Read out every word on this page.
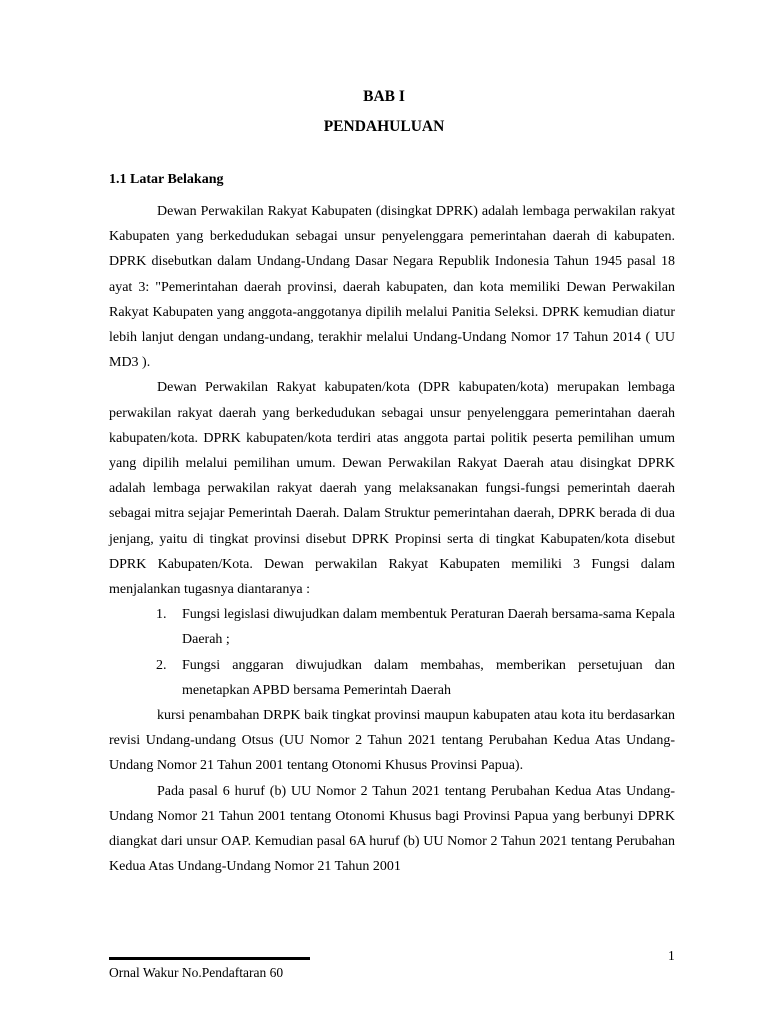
BAB I
PENDAHULUAN
1.1 Latar Belakang

Dewan Perwakilan Rakyat Kabupaten (disingkat DPRK) adalah lembaga perwakilan rakyat Kabupaten yang berkedudukan sebagai unsur penyelenggara pemerintahan daerah di kabupaten. DPRK disebutkan dalam Undang-Undang Dasar Negara Republik Indonesia Tahun 1945 pasal 18 ayat 3: "Pemerintahan daerah provinsi, daerah kabupaten, dan kota memiliki Dewan Perwakilan Rakyat Kabupaten yang anggota-anggotanya dipilih melalui Panitia Seleksi. DPRK kemudian diatur lebih lanjut dengan undang-undang, terakhir melalui Undang-Undang Nomor 17 Tahun 2014 ( UU MD3 ).

Dewan Perwakilan Rakyat kabupaten/kota (DPR kabupaten/kota) merupakan lembaga perwakilan rakyat daerah yang berkedudukan sebagai unsur penyelenggara pemerintahan daerah kabupaten/kota. DPRK kabupaten/kota terdiri atas anggota partai politik peserta pemilihan umum yang dipilih melalui pemilihan umum. Dewan Perwakilan Rakyat Daerah atau disingkat DPRK adalah lembaga perwakilan rakyat daerah yang melaksanakan fungsi-fungsi pemerintah daerah sebagai mitra sejajar Pemerintah Daerah. Dalam Struktur pemerintahan daerah, DPRK berada di dua jenjang, yaitu di tingkat provinsi disebut DPRK Propinsi serta di tingkat Kabupaten/kota disebut DPRK Kabupaten/Kota. Dewan perwakilan Rakyat Kabupaten memiliki 3 Fungsi dalam menjalankan tugasnya diantaranya :

1. Fungsi legislasi diwujudkan dalam membentuk Peraturan Daerah bersama-sama Kepala Daerah ;
2. Fungsi anggaran diwujudkan dalam membahas, memberikan persetujuan dan menetapkan APBD bersama Pemerintah Daerah

kursi penambahan DRPK baik tingkat provinsi maupun kabupaten atau kota itu berdasarkan revisi Undang-undang Otsus (UU Nomor 2 Tahun 2021 tentang Perubahan Kedua Atas Undang-Undang Nomor 21 Tahun 2001 tentang Otonomi Khusus Provinsi Papua).

Pada pasal 6 huruf (b) UU Nomor 2 Tahun 2021 tentang Perubahan Kedua Atas Undang-Undang Nomor 21 Tahun 2001 tentang Otonomi Khusus bagi Provinsi Papua yang berbunyi DPRK diangkat dari unsur OAP. Kemudian pasal 6A huruf (b) UU Nomor 2 Tahun 2021 tentang Perubahan Kedua Atas Undang-Undang Nomor 21 Tahun 2001

1
Ornal Wakur No.Pendaftaran 60
